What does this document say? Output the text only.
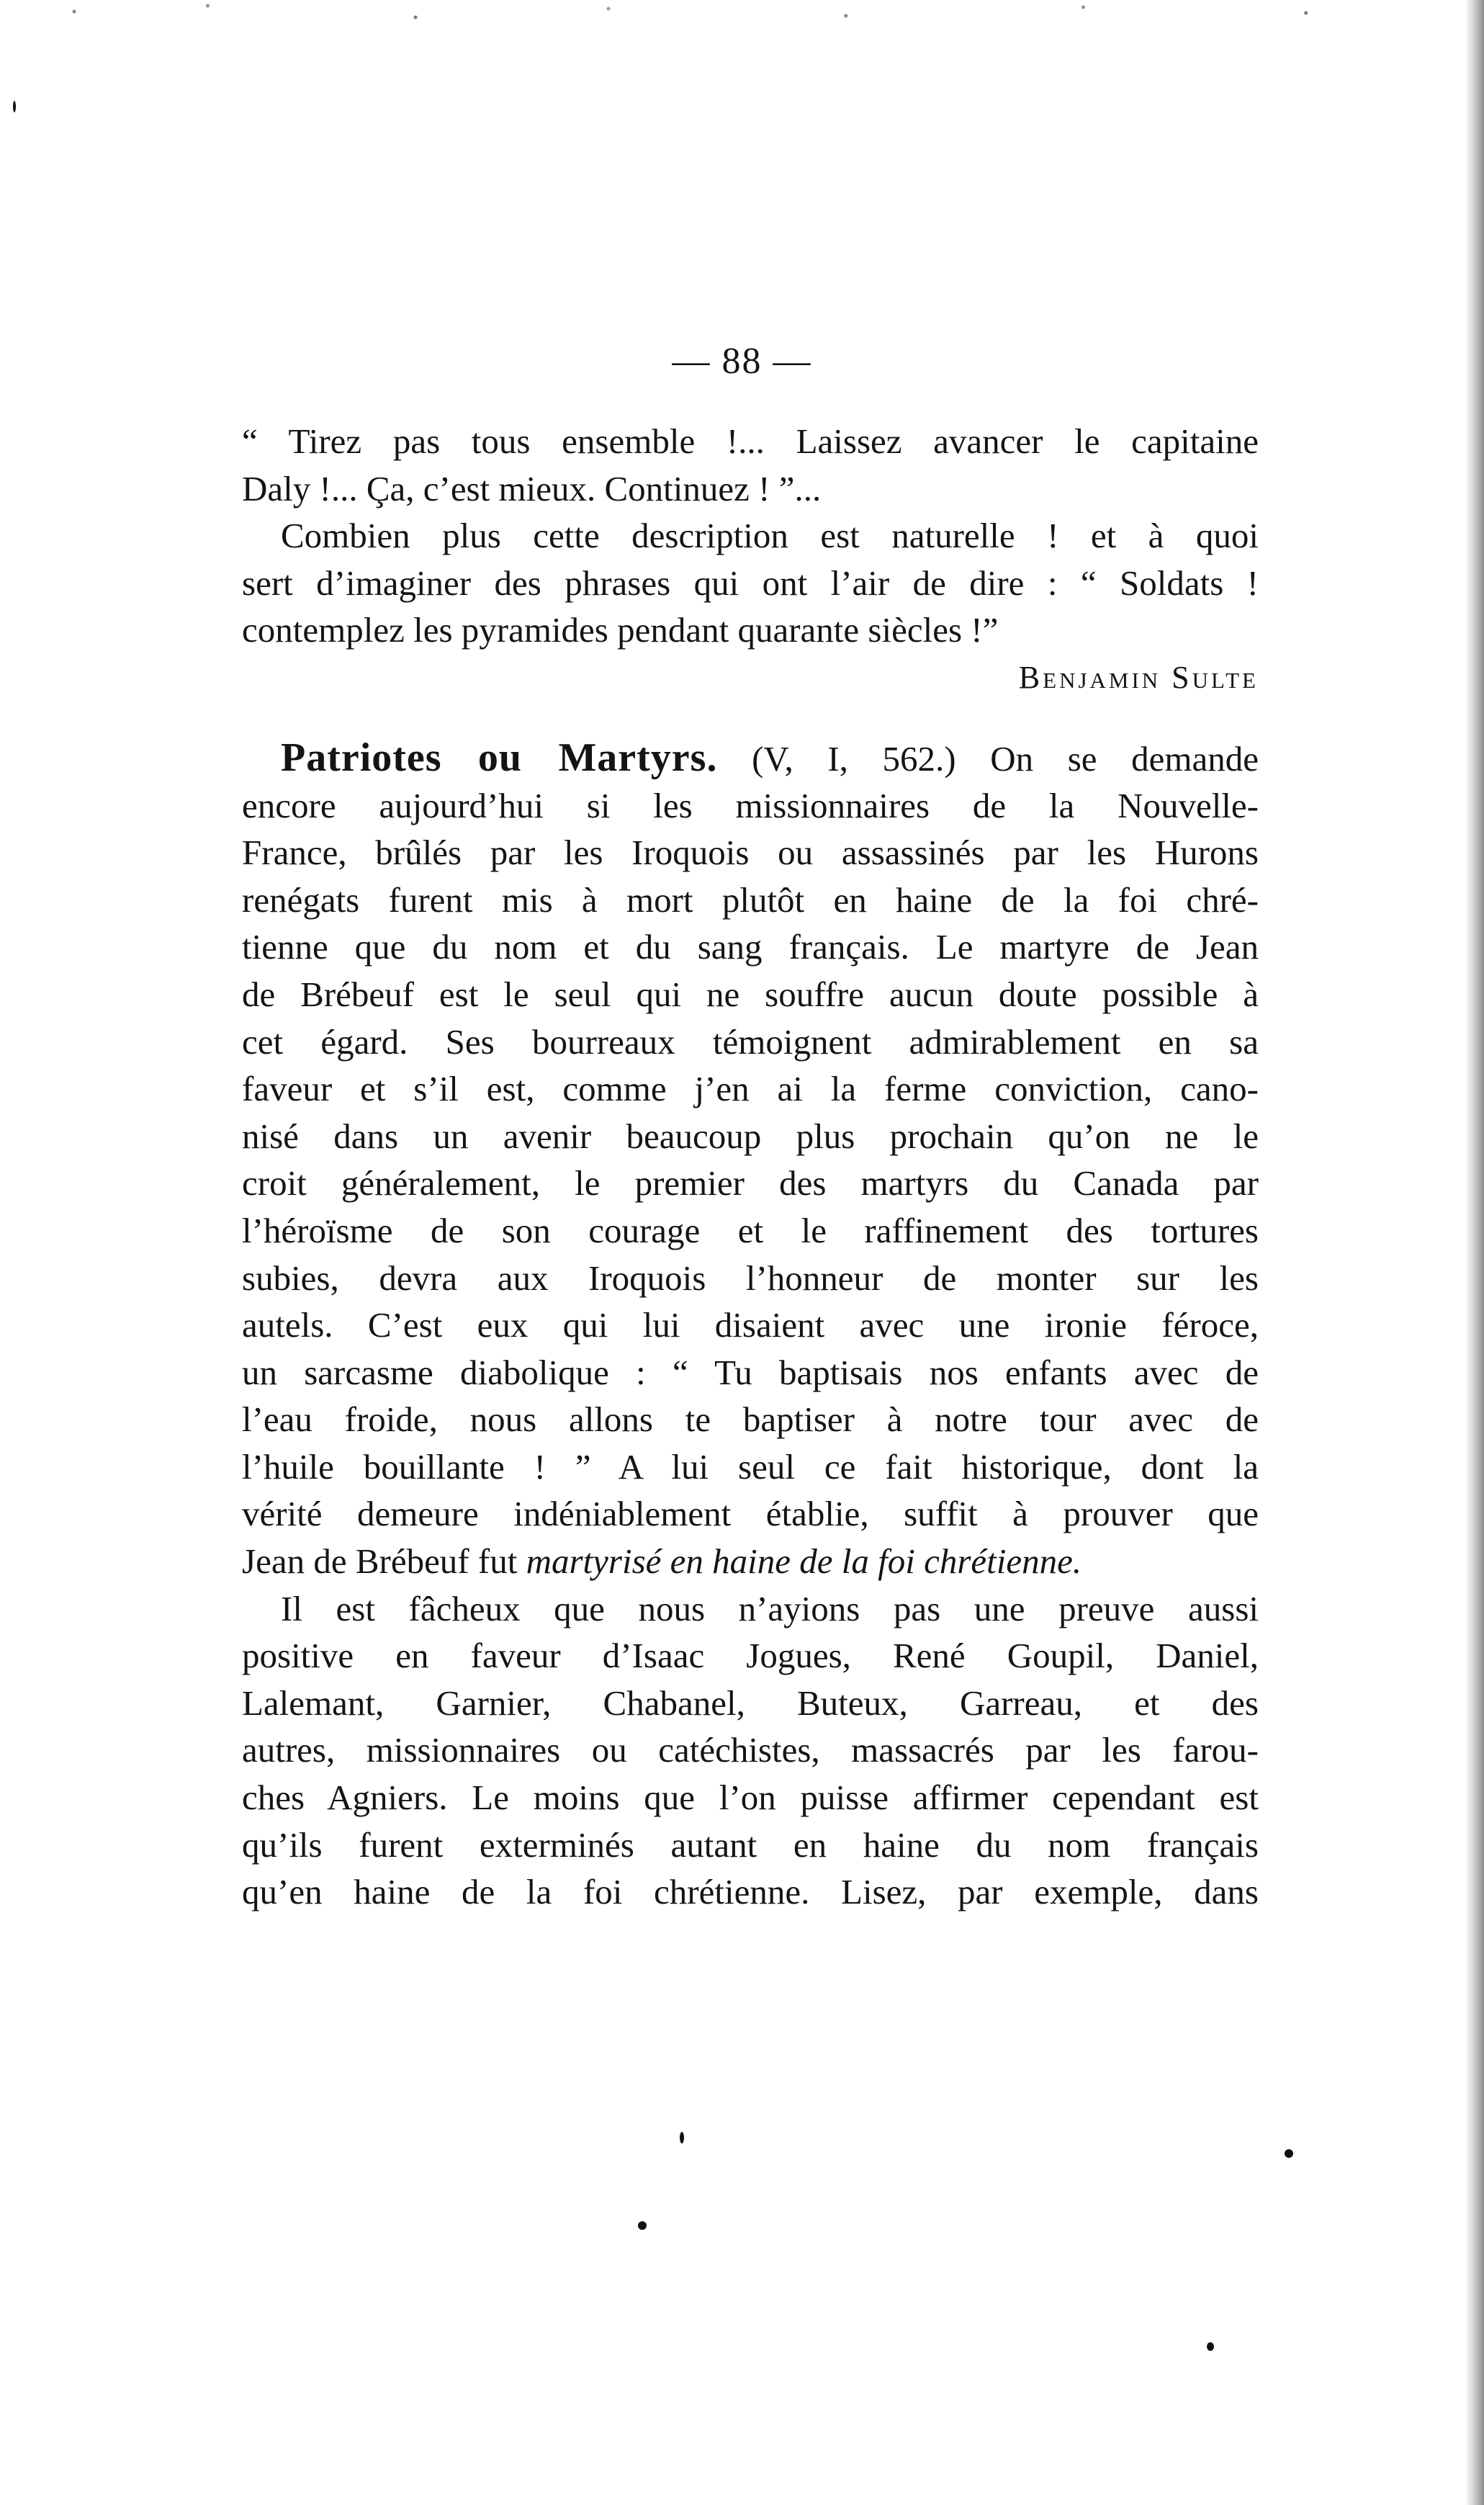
— 88 —
“ Tirez pas tous ensemble !... Laissez avancer le capitaine
Daly !... Ça, c’est mieux. Continuez ! ”...
Combien plus cette description est naturelle ! et à quoi
sert d’imaginer des phrases qui ont l’air de dire : “ Soldats !
contemplez les pyramides pendant quarante siècles !”
Benjamin Sulte
Patriotes ou Martyrs. (V, I, 562.) On se demande
encore aujourd’hui si les missionnaires de la Nouvelle-
France, brûlés par les Iroquois ou assassinés par les Hurons
renégats furent mis à mort plutôt en haine de la foi chré-
tienne que du nom et du sang français. Le martyre de Jean
de Brébeuf est le seul qui ne souffre aucun doute possible à
cet égard. Ses bourreaux témoignent admirablement en sa
faveur et s’il est, comme j’en ai la ferme conviction, cano-
nisé dans un avenir beaucoup plus prochain qu’on ne le
croit généralement, le premier des martyrs du Canada par
l’héroïsme de son courage et le raffinement des tortures
subies, devra aux Iroquois l’honneur de monter sur les
autels. C’est eux qui lui disaient avec une ironie féroce,
un sarcasme diabolique : “ Tu baptisais nos enfants avec de
l’eau froide, nous allons te baptiser à notre tour avec de
l’huile bouillante ! ” A lui seul ce fait historique, dont la
vérité demeure indéniablement établie, suffit à prouver que
Jean de Brébeuf fut martyrisé en haine de la foi chrétienne.
Il est fâcheux que nous n’ayions pas une preuve aussi
positive en faveur d’Isaac Jogues, René Goupil, Daniel,
Lalemant, Garnier, Chabanel, Buteux, Garreau, et des
autres, missionnaires ou catéchistes, massacrés par les farou-
ches Agniers. Le moins que l’on puisse affirmer cependant est
qu’ils furent exterminés autant en haine du nom français
qu’en haine de la foi chrétienne. Lisez, par exemple, dans
